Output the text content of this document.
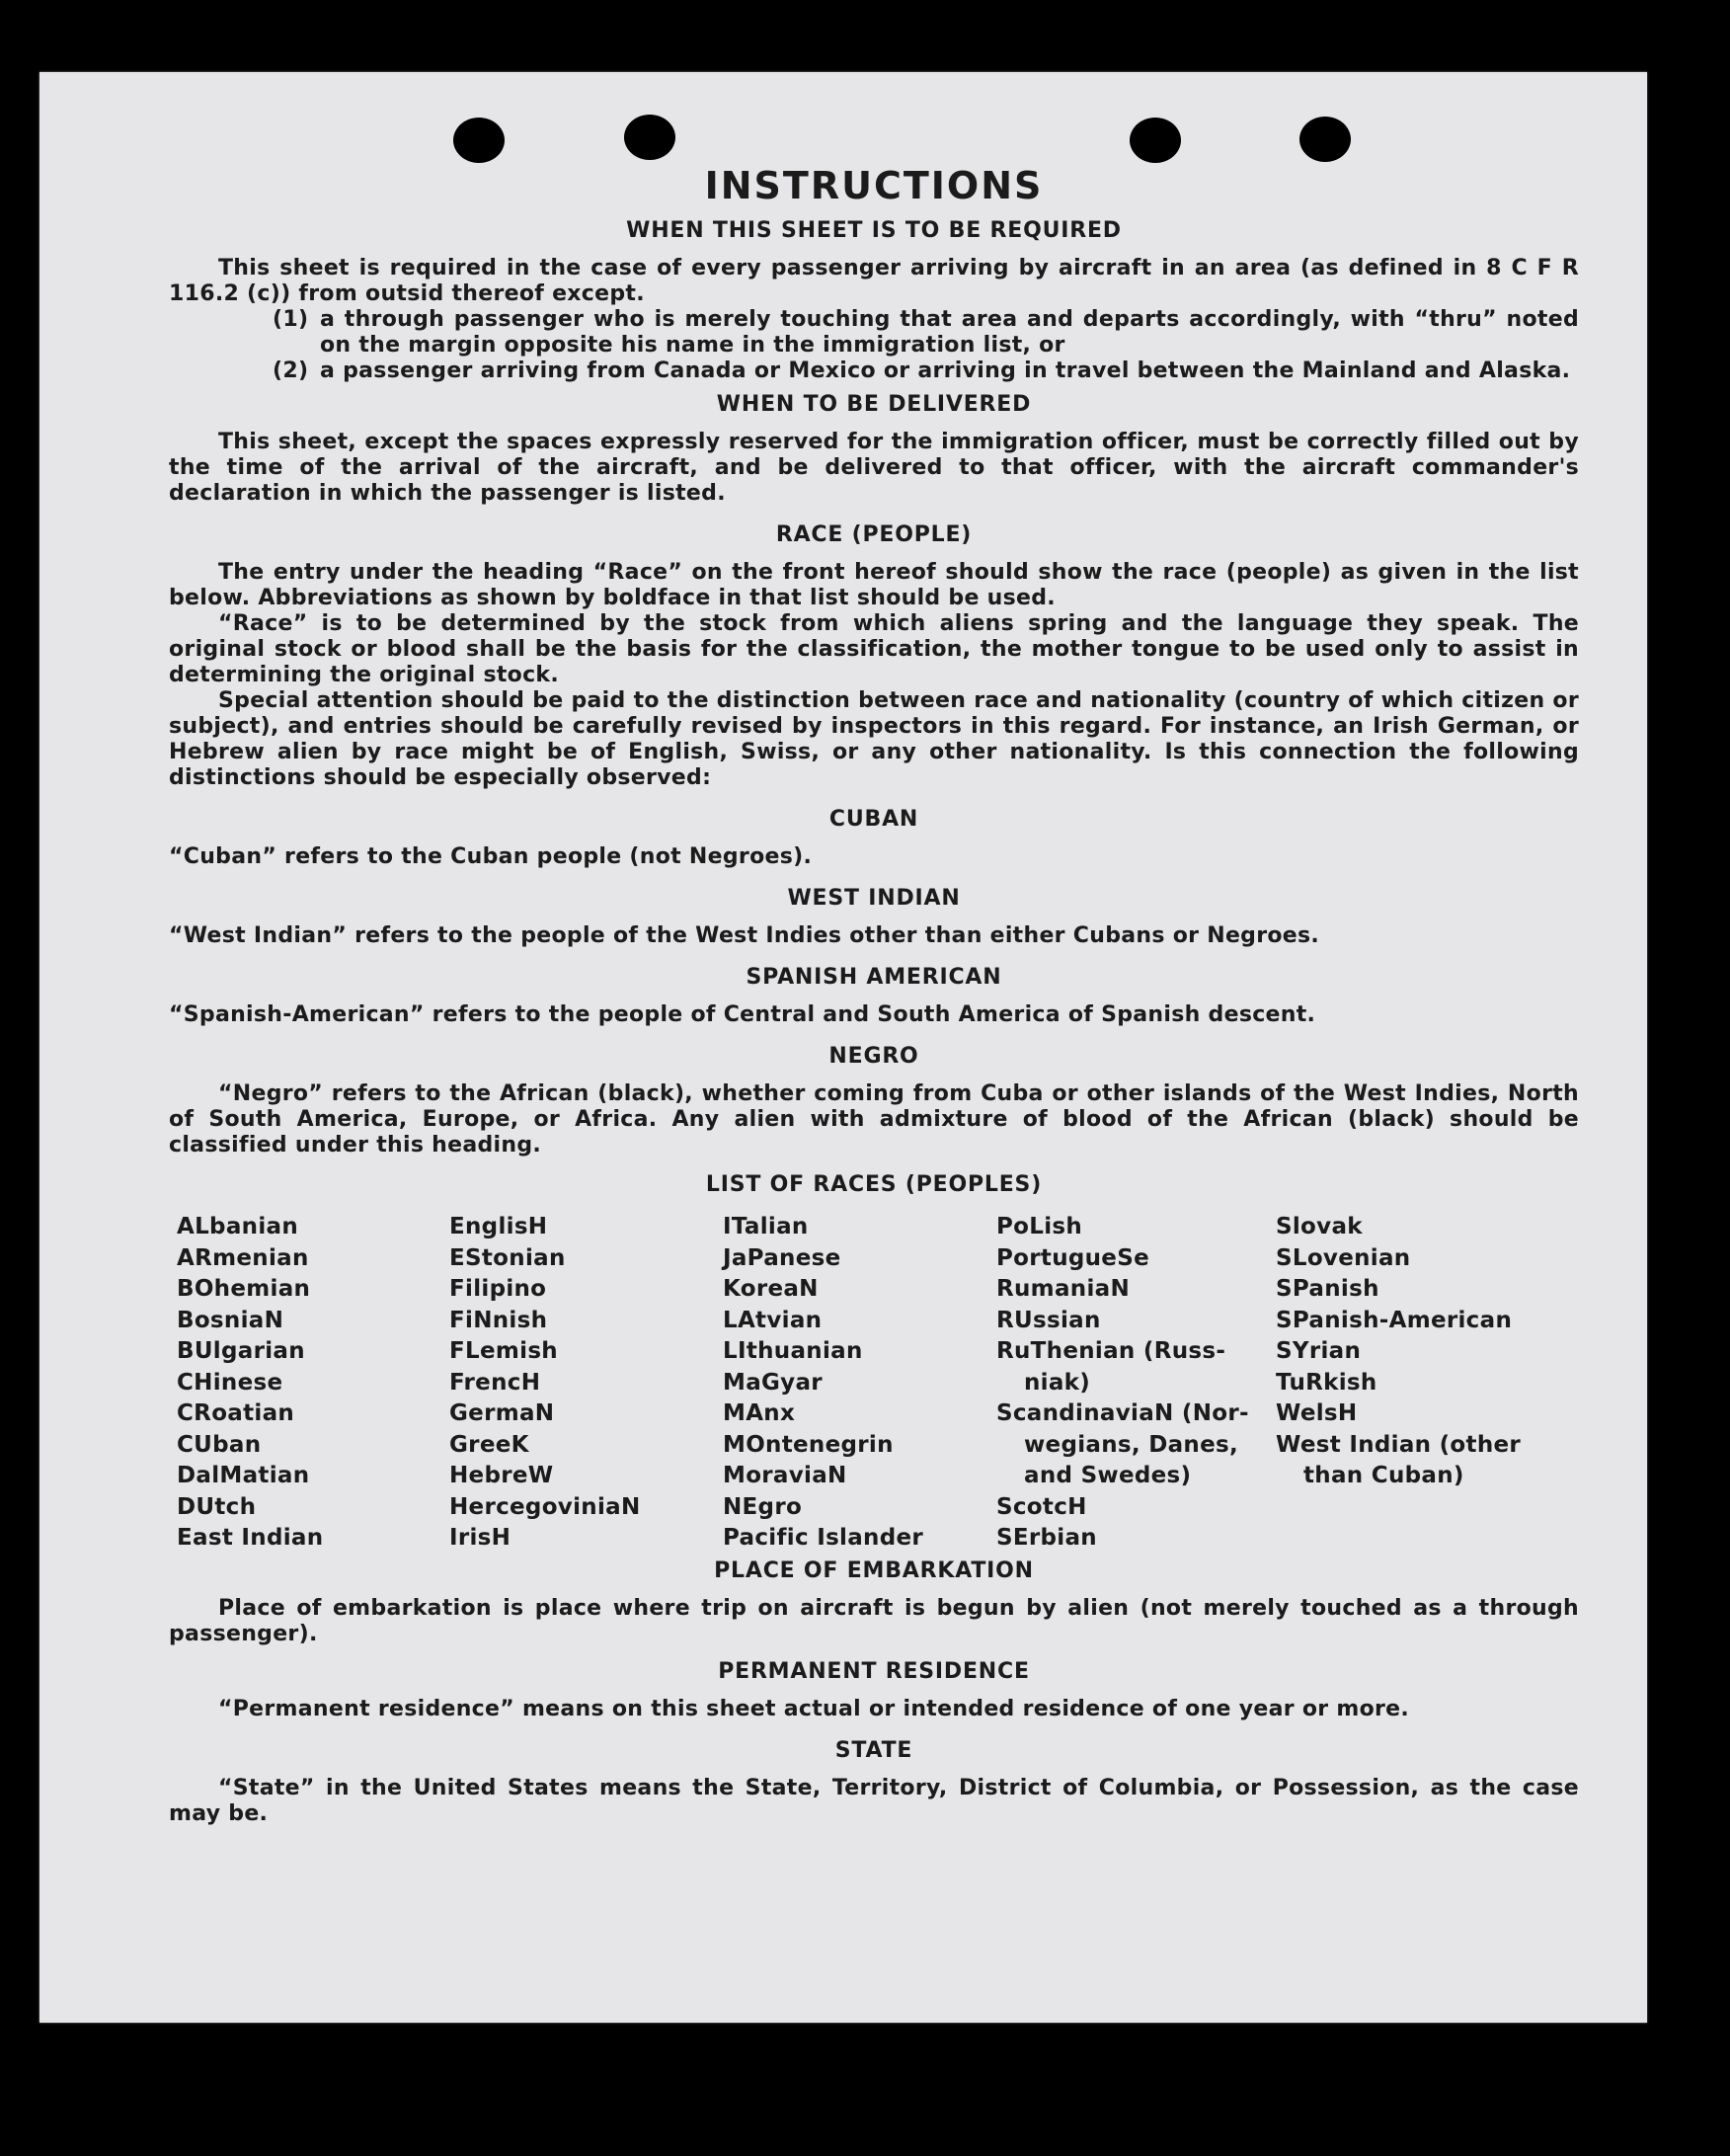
INSTRUCTIONS
WHEN THIS SHEET IS TO BE REQUIRED

This sheet is required in the case of every passenger arriving by aircraft in an area (as defined in 8 C F R 116.2 (c)) from outsid thereof except.

(1) a through passenger who is merely touching that area and departs accordingly, with “thru” noted on the margin opposite his name in the immigration list, or
(2) a passenger arriving from Canada or Mexico or arriving in travel between the Mainland and Alaska.
WHEN TO BE DELIVERED

This sheet, except the spaces expressly reserved for the immigration officer, must be correctly filled out by the time of the arrival of the aircraft, and be delivered to that officer, with the aircraft commander's declaration in which the passenger is listed.

RACE (PEOPLE)

The entry under the heading “Race” on the front hereof should show the race (people) as given in the list below. Abbreviations as shown by boldface in that list should be used.

“Race” is to be determined by the stock from which aliens spring and the language they speak. The original stock or blood shall be the basis for the classification, the mother tongue to be used only to assist in determining the original stock.

Special attention should be paid to the distinction between race and nationality (country of which citizen or subject), and entries should be carefully revised by inspectors in this regard. For instance, an Irish German, or Hebrew alien by race might be of English, Swiss, or any other nationality. Is this connection the following distinctions should be especially observed:

CUBAN

“Cuban” refers to the Cuban people (not Negroes).

WEST INDIAN

“West Indian” refers to the people of the West Indies other than either Cubans or Negroes.

SPANISH AMERICAN

“Spanish-American” refers to the people of Central and South America of Spanish descent.

NEGRO

“Negro” refers to the African (black), whether coming from Cuba or other islands of the West Indies, North of South America, Europe, or Africa. Any alien with admixture of blood of the African (black) should be classified under this heading.

LIST OF RACES (PEOPLES)
ALbanian
ARmenian
BOhemian
BosniaN
BUlgarian
CHinese
CRoatian
CUban
DalMatian
DUtch
East Indian
EnglisH
EStonian
Filipino
FiNnish
FLemish
FrencH
GermaN
GreeK
HebreW
HercegoviniaN
IrisH
ITalian
JaPanese
KoreaN
LAtvian
LIthuanian
MaGyar
MAnx
MOntenegrin
MoraviaN
NEgro
Pacific Islander
PoLish
PortugueSe
RumaniaN
RUssian
RuThenian (Russ-
niak)
ScandinaviaN (Nor-
wegians, Danes,
and Swedes)
ScotcH
SErbian
Slovak
SLovenian
SPanish
SPanish-American
SYrian
TuRkish
WelsH
West Indian (other
than Cuban)
PLACE OF EMBARKATION

Place of embarkation is place where trip on aircraft is begun by alien (not merely touched as a through passenger).

PERMANENT RESIDENCE

“Permanent residence” means on this sheet actual or intended residence of one year or more.

STATE

“State” in the United States means the State, Territory, District of Columbia, or Possession, as the case may be.
